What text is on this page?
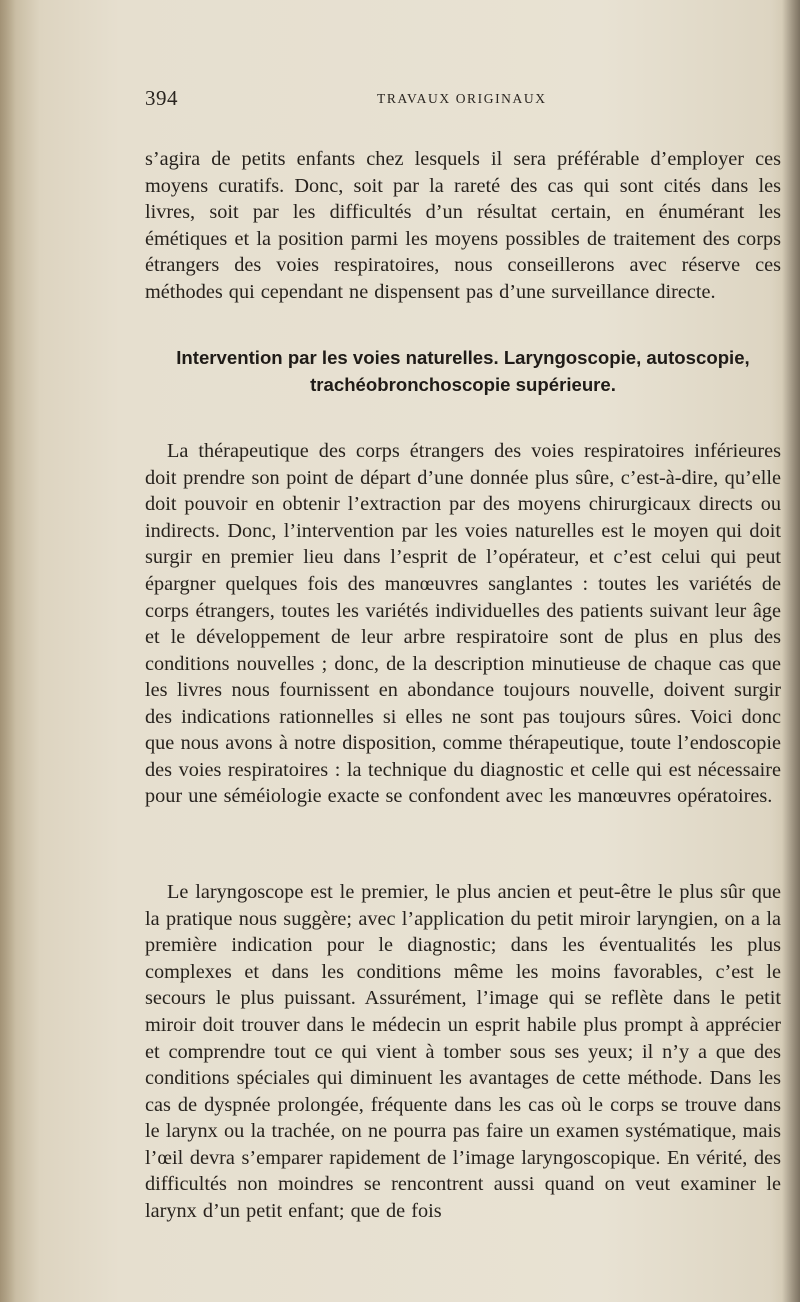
394	TRAVAUX ORIGINAUX

s’agira de petits enfants chez lesquels il sera préférable d’employer ces moyens curatifs. Donc, soit par la rareté des cas qui sont cités dans les livres, soit par les difficultés d’un résultat certain, en énumérant les émétiques et la position parmi les moyens possibles de traitement des corps étrangers des voies respiratoires, nous conseillerons avec réserve ces méthodes qui cependant ne dispensent pas d’une surveillance directe.

Intervention par les voies naturelles. Laryngoscopie, autoscopie,
trachéobronchoscopie supérieure.

La thérapeutique des corps étrangers des voies respiratoires inférieures doit prendre son point de départ d’une donnée plus sûre, c’est-à-dire, qu’elle doit pouvoir en obtenir l’extraction par des moyens chirurgicaux directs ou indirects. Donc, l’intervention par les voies naturelles est le moyen qui doit surgir en premier lieu dans l’esprit de l’opérateur, et c’est celui qui peut épargner quelques fois des manœuvres sanglantes : toutes les variétés de corps étrangers, toutes les variétés individuelles des patients suivant leur âge et le développement de leur arbre respiratoire sont de plus en plus des conditions nouvelles ; donc, de la description minutieuse de chaque cas que les livres nous fournissent en abondance toujours nouvelle, doivent surgir des indications rationnelles si elles ne sont pas toujours sûres. Voici donc que nous avons à notre disposition, comme thérapeutique, toute l’endoscopie des voies respiratoires : la technique du diagnostic et celle qui est nécessaire pour une séméiologie exacte se confondent avec les manœuvres opératoires.

Le laryngoscope est le premier, le plus ancien et peut-être le plus sûr que la pratique nous suggère; avec l’application du petit miroir laryngien, on a la première indication pour le diagnostic; dans les éventualités les plus complexes et dans les conditions même les moins favorables, c’est le secours le plus puissant. Assurément, l’image qui se reflète dans le petit miroir doit trouver dans le médecin un esprit habile plus prompt à apprécier et comprendre tout ce qui vient à tomber sous ses yeux; il n’y a que des conditions spéciales qui diminuent les avantages de cette méthode. Dans les cas de dyspnée prolongée, fréquente dans les cas où le corps se trouve dans le larynx ou la trachée, on ne pourra pas faire un examen systématique, mais l’œil devra s’emparer rapidement de l’image laryngoscopique. En vérité, des difficultés non moindres se rencontrent aussi quand on veut examiner le larynx d’un petit enfant; que de fois
